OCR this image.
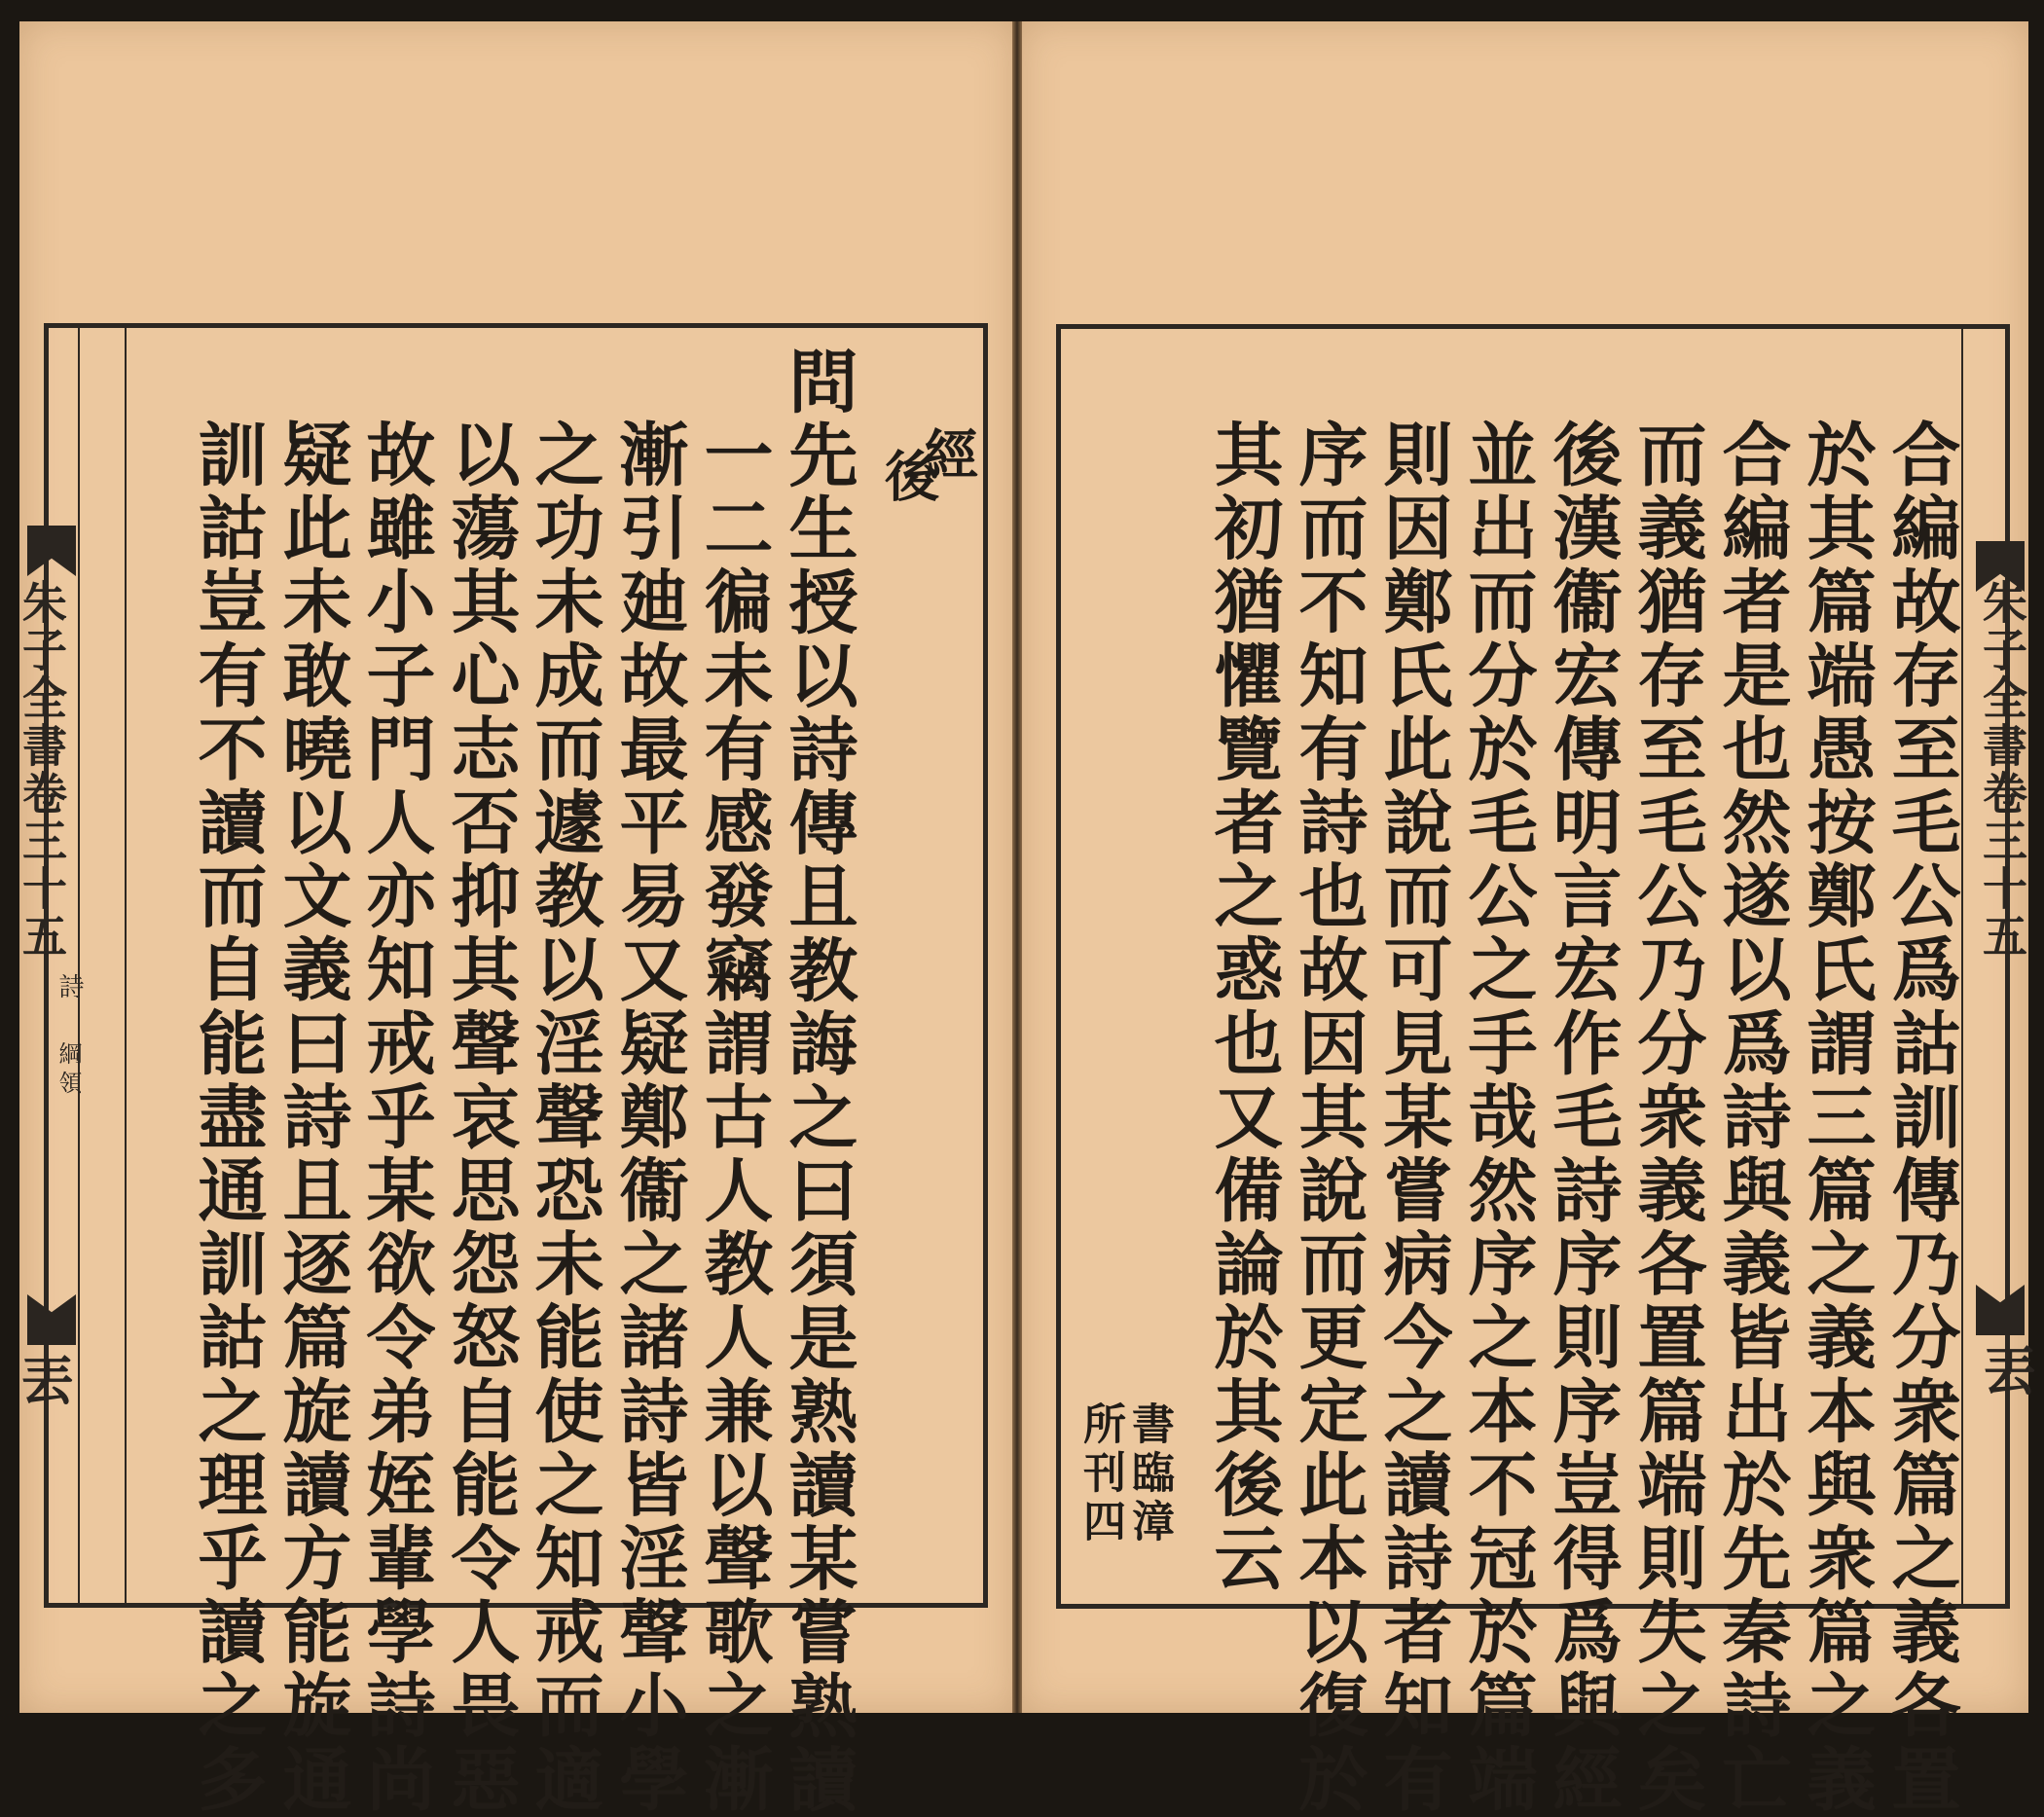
朱子全書卷三十五
詩
綱領
丟
經
後
問先生授以詩傳且教誨之曰須是熟讀某嘗熟讀
一二徧未有感發竊謂古人教人兼以聲歌之漸
漸引廸故最平易又疑鄭衞之諸詩皆淫聲小學
之功未成而遽教以淫聲恐未能使之知戒而適
以蕩其心志否抑其聲哀思怨怒自能令人畏惡
故雖小子門人亦知戒乎某欲令弟姪輩學詩尚
疑此未敢曉以文義曰詩且逐篇旋讀方能旋通
訓詁豈有不讀而自能盡通訓詁之理乎讀之多	朱子全書卷三十五
丟
合編故存至毛公爲詁訓傳乃分衆篇之義各置
於其篇端愚按鄭氏謂三篇之義本與衆篇之義
合編者是也然遂以爲詩與義皆出於先秦詩亡
而義猶存至毛公乃分衆義各置篇端則失之矣
後漢衞宏傳明言宏作毛詩序則序豈得爲與經
並出而分於毛公之手哉然序之本不冠於篇端
則因鄭氏此說而可見某嘗病今之讀詩者知有
序而不知有詩也故因其說而更定此本以復於
其初猶懼覽者之惑也又備論於其後云
書臨漳
所刊四
